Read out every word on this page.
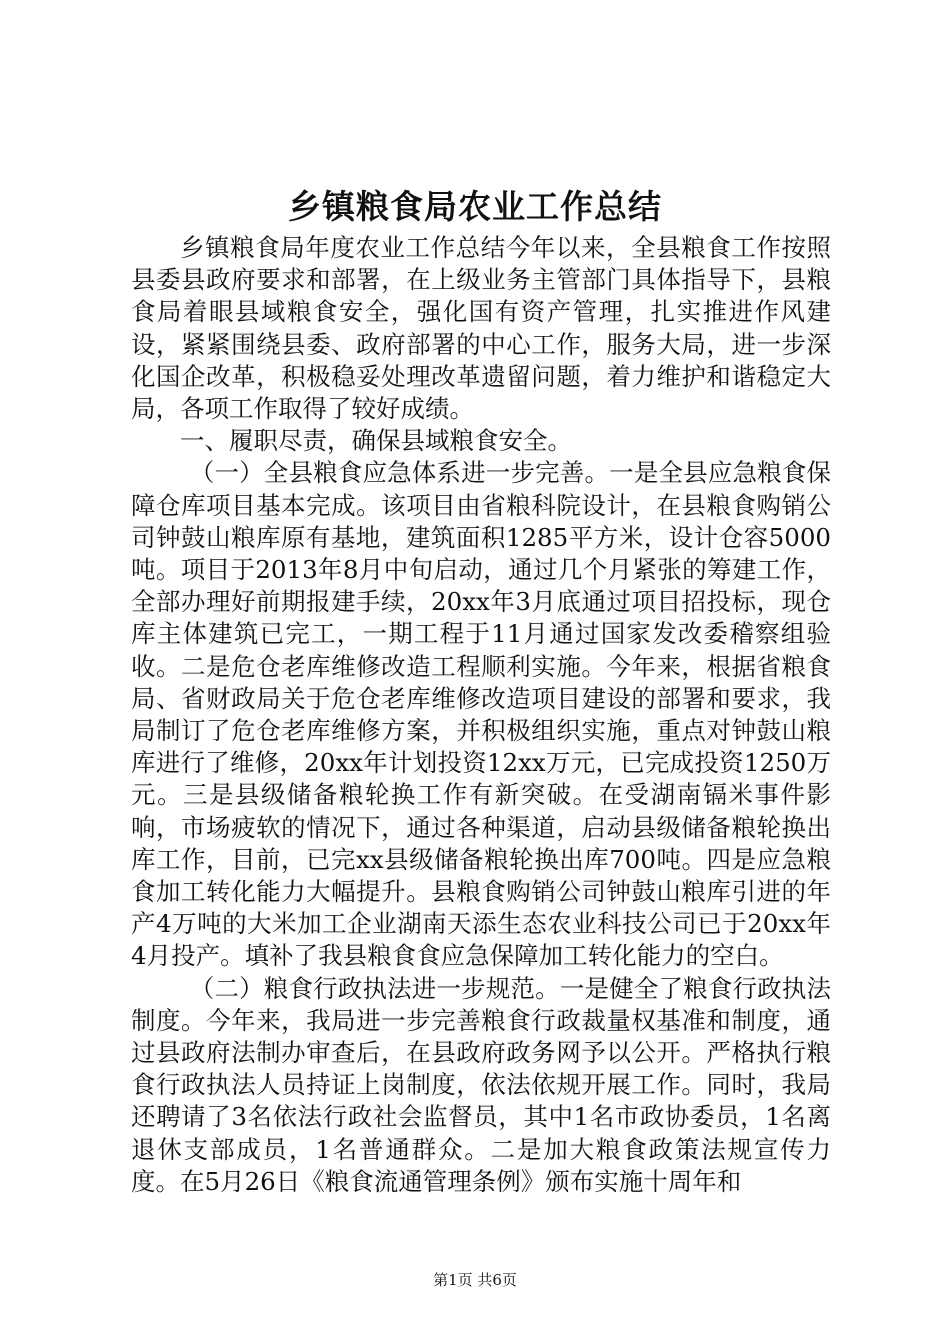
乡镇粮食局农业工作总结

乡镇粮食局年度农业工作总结今年以来，全县粮食工作按照县委县政府要求和部署，在上级业务主管部门具体指导下，县粮食局着眼县域粮食安全，强化国有资产管理，扎实推进作风建设，紧紧围绕县委、政府部署的中心工作，服务大局，进一步深化国企改革，积极稳妥处理改革遗留问题，着力维护和谐稳定大局，各项工作取得了较好成绩。

一、履职尽责，确保县域粮食安全。

（一）全县粮食应急体系进一步完善。一是全县应急粮食保障仓库项目基本完成。该项目由省粮科院设计，在县粮食购销公司钟鼓山粮库原有基地，建筑面积1285平方米，设计仓容5000吨。项目于2013年8月中旬启动，通过几个月紧张的筹建工作，全部办理好前期报建手续，20xx年3月底通过项目招投标，现仓库主体建筑已完工，一期工程于11月通过国家发改委稽察组验收。二是危仓老库维修改造工程顺利实施。今年来，根据省粮食局、省财政局关于危仓老库维修改造项目建设的部署和要求，我局制订了危仓老库维修方案，并积极组织实施，重点对钟鼓山粮库进行了维修，20xx年计划投资12xx万元，已完成投资1250万元。三是县级储备粮轮换工作有新突破。在受湖南镉米事件影响，市场疲软的情况下，通过各种渠道，启动县级储备粮轮换出库工作，目前，已完xx县级储备粮轮换出库700吨。四是应急粮食加工转化能力大幅提升。县粮食购销公司钟鼓山粮库引进的年产4万吨的大米加工企业湖南天添生态农业科技公司已于20xx年4月投产。填补了我县粮食食应急保障加工转化能力的空白。

（二）粮食行政执法进一步规范。一是健全了粮食行政执法制度。今年来，我局进一步完善粮食行政裁量权基准和制度，通过县政府法制办审查后，在县政府政务网予以公开。严格执行粮食行政执法人员持证上岗制度，依法依规开展工作。同时，我局还聘请了3名依法行政社会监督员，其中1名市政协委员，1名离退休支部成员，1名普通群众。二是加大粮食政策法规宣传力度。在5月26日《粮食流通管理条例》颁布实施十周年和

第1页 共6页
